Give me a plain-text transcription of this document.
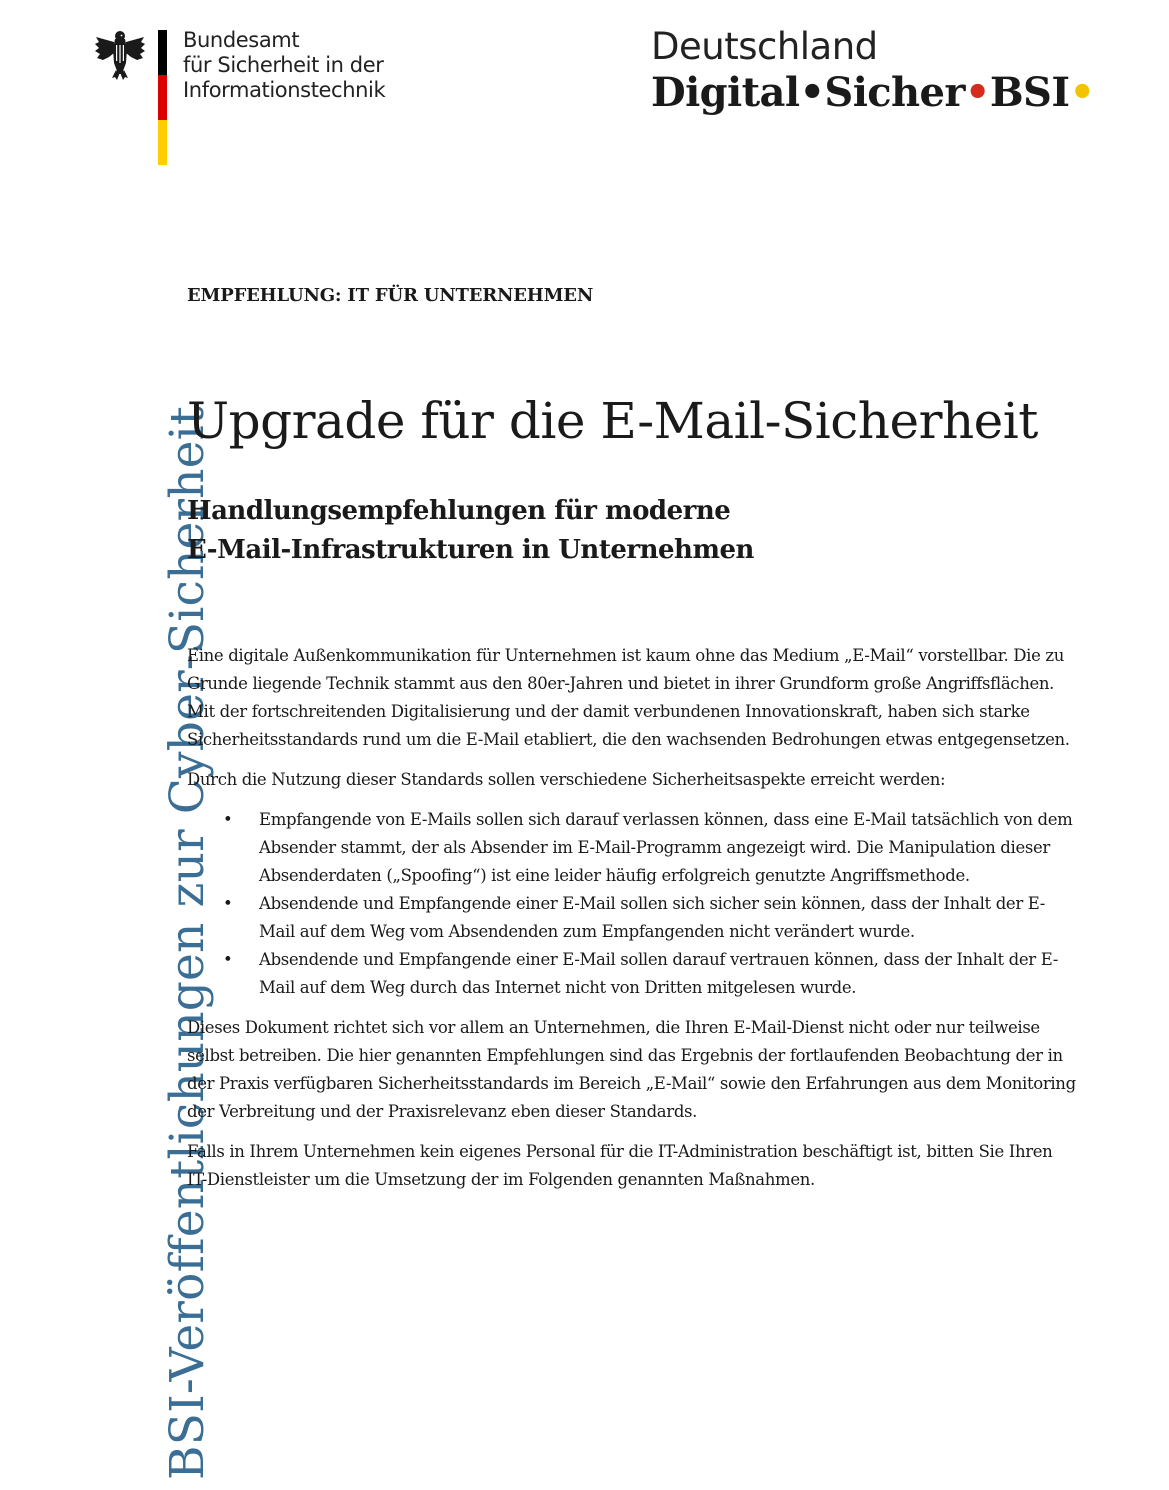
Bundesamt
für Sicherheit in der
Informationstechnik
Deutschland
Digital•Sicher•BSI•
BSI-Veröffentlichungen zur Cyber-Sicherheit
EMPFEHLUNG: IT FÜR UNTERNEHMEN
Upgrade für die E-Mail-Sicherheit
Handlungsempfehlungen für moderne
E-Mail-Infrastrukturen in Unternehmen

Eine digitale Außenkommunikation für Unternehmen ist kaum ohne das Medium „E-Mail“ vorstellbar. Die zu Grunde liegende Technik stammt aus den 80er-Jahren und bietet in ihrer Grundform große Angriffsflächen. Mit der fortschreitenden Digitalisierung und der damit verbundenen Innovationskraft, haben sich starke Sicherheitsstandards rund um die E-Mail etabliert, die den wachsenden Bedrohungen etwas entgegensetzen.

Durch die Nutzung dieser Standards sollen verschiedene Sicherheitsaspekte erreicht werden:

• Empfangende von E-Mails sollen sich darauf verlassen können, dass eine E-Mail tatsächlich von dem Absender stammt, der als Absender im E-Mail-Programm angezeigt wird. Die Manipulation dieser Absenderdaten („Spoofing“) ist eine leider häufig erfolgreich genutzte Angriffsmethode.
• Absendende und Empfangende einer E-Mail sollen sich sicher sein können, dass der Inhalt der E-Mail auf dem Weg vom Absendenden zum Empfangenden nicht verändert wurde.
• Absendende und Empfangende einer E-Mail sollen darauf vertrauen können, dass der Inhalt der E-Mail auf dem Weg durch das Internet nicht von Dritten mitgelesen wurde.

Dieses Dokument richtet sich vor allem an Unternehmen, die Ihren E-Mail-Dienst nicht oder nur teilweise selbst betreiben. Die hier genannten Empfehlungen sind das Ergebnis der fortlaufenden Beobachtung der in der Praxis verfügbaren Sicherheitsstandards im Bereich „E-Mail“ sowie den Erfahrungen aus dem Monitoring der Verbreitung und der Praxisrelevanz eben dieser Standards.

Falls in Ihrem Unternehmen kein eigenes Personal für die IT-Administration beschäftigt ist, bitten Sie Ihren IT-Dienstleister um die Umsetzung der im Folgenden genannten Maßnahmen.
